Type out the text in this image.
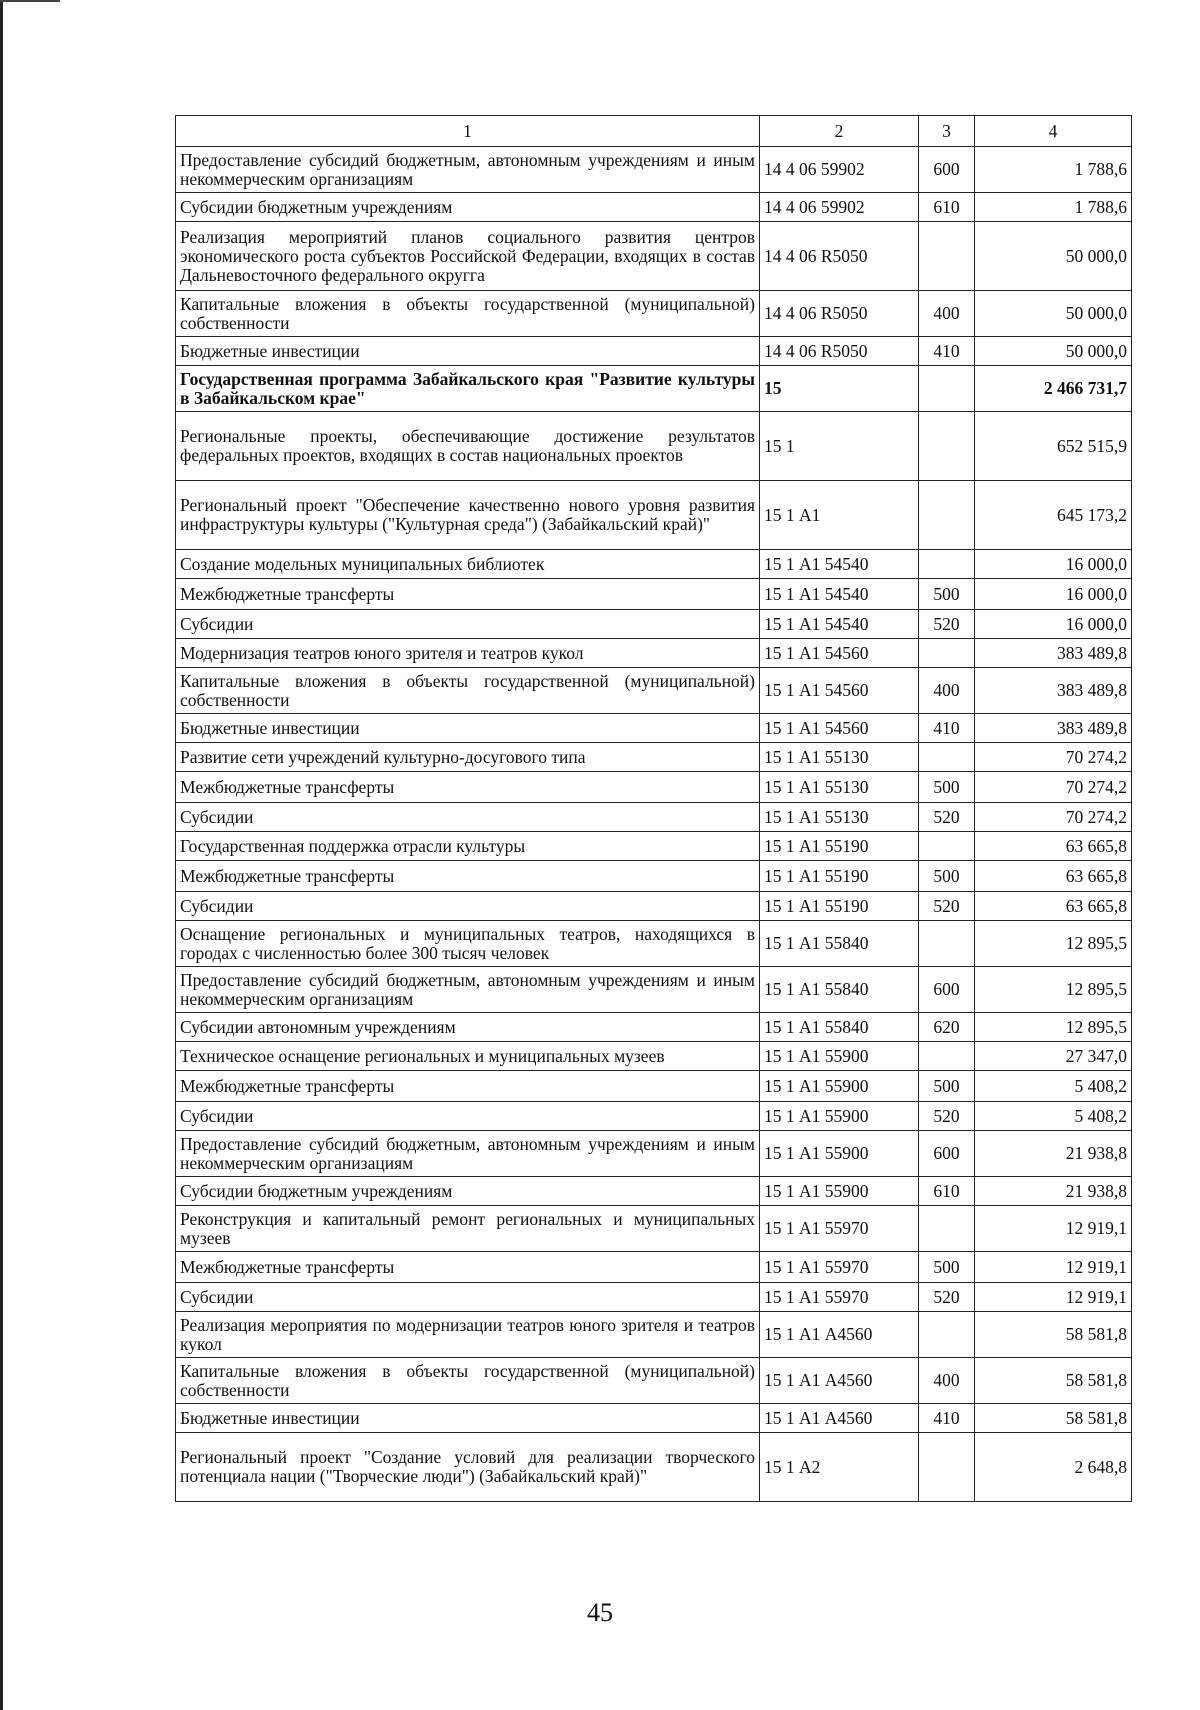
1	2	3	4
Предоставление субсидий бюджетным, автономным учреждениям и иным некоммерческим организациям	14 4 06 59902	600	1 788,6
Субсидии бюджетным учреждениям	14 4 06 59902	610	1 788,6
Реализация мероприятий планов социального развития центров экономического роста субъектов Российской Федерации, входящих в состав Дальневосточного федерального округга	14 4 06 R5050		50 000,0
Капитальные вложения в объекты государственной (муниципальной) собственности	14 4 06 R5050	400	50 000,0
Бюджетные инвестиции	14 4 06 R5050	410	50 000,0
Государственная программа Забайкальского края "Развитие культуры в Забайкальском крае"	15		2 466 731,7
Региональные проекты, обеспечивающие достижение результатов федеральных проектов, входящих в состав национальных проектов	15 1		652 515,9
Региональный проект "Обеспечение качественно нового уровня развития инфраструктуры культуры ("Культурная среда") (Забайкальский край)"	15 1 А1		645 173,2
Создание модельных муниципальных библиотек	15 1 А1 54540		16 000,0
Межбюджетные трансферты	15 1 А1 54540	500	16 000,0
Субсидии	15 1 А1 54540	520	16 000,0
Модернизация театров юного зрителя и театров кукол	15 1 А1 54560		383 489,8
Капитальные вложения в объекты государственной (муниципальной) собственности	15 1 А1 54560	400	383 489,8
Бюджетные инвестиции	15 1 А1 54560	410	383 489,8
Развитие сети учреждений культурно-досугового типа	15 1 А1 55130		70 274,2
Межбюджетные трансферты	15 1 А1 55130	500	70 274,2
Субсидии	15 1 А1 55130	520	70 274,2
Государственная поддержка отрасли культуры	15 1 А1 55190		63 665,8
Межбюджетные трансферты	15 1 А1 55190	500	63 665,8
Субсидии	15 1 А1 55190	520	63 665,8
Оснащение региональных и муниципальных театров, находящихся в городах с численностью более 300 тысяч человек	15 1 А1 55840		12 895,5
Предоставление субсидий бюджетным, автономным учреждениям и иным некоммерческим организациям	15 1 А1 55840	600	12 895,5
Субсидии автономным учреждениям	15 1 А1 55840	620	12 895,5
Техническое оснащение региональных и муниципальных музеев	15 1 А1 55900		27 347,0
Межбюджетные трансферты	15 1 А1 55900	500	5 408,2
Субсидии	15 1 А1 55900	520	5 408,2
Предоставление субсидий бюджетным, автономным учреждениям и иным некоммерческим организациям	15 1 А1 55900	600	21 938,8
Субсидии бюджетным учреждениям	15 1 А1 55900	610	21 938,8
Реконструкция и капитальный ремонт региональных и муниципальных музеев	15 1 А1 55970		12 919,1
Межбюджетные трансферты	15 1 А1 55970	500	12 919,1
Субсидии	15 1 А1 55970	520	12 919,1
Реализация мероприятия по модернизации театров юного зрителя и театров кукол	15 1 А1 А4560		58 581,8
Капитальные вложения в объекты государственной (муниципальной) собственности	15 1 А1 А4560	400	58 581,8
Бюджетные инвестиции	15 1 А1 А4560	410	58 581,8
Региональный проект "Создание условий для реализации творческого потенциала нации ("Творческие люди") (Забайкальский край)"	15 1 А2		2 648,8
45
